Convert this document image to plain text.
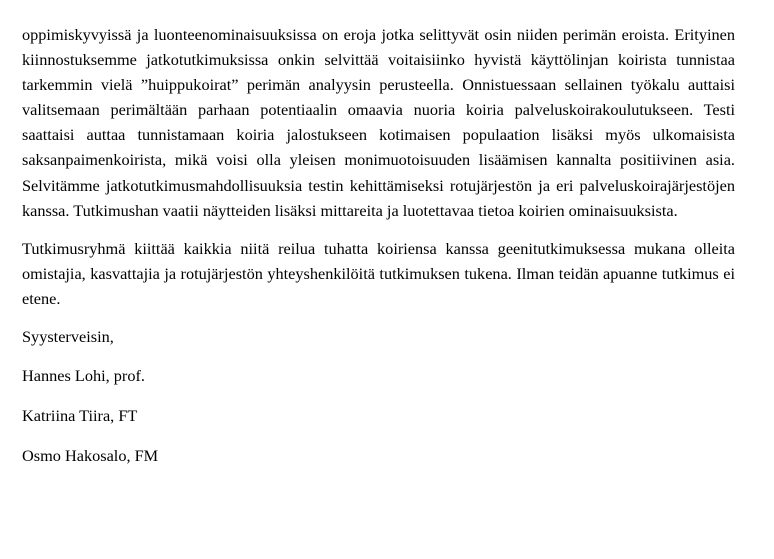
oppimiskyvyissä ja luonteenominaisuuksissa on eroja jotka selittyvät osin niiden perimän eroista. Erityinen kiinnostuksemme jatkotutkimuksissa onkin selvittää voitaisiinko hyvistä käyttölinjan koirista tunnistaa tarkemmin vielä ”huippukoirat” perimän analyysin perusteella. Onnistuessaan sellainen työkalu auttaisi valitsemaan perimältään parhaan potentiaalin omaavia nuoria koiria palveluskoirakoulutukseen. Testi saattaisi auttaa tunnistamaan koiria jalostukseen kotimaisen populaation lisäksi myös ulkomaisista saksanpaimenkoirista, mikä voisi olla yleisen monimuotoisuuden lisäämisen kannalta positiivinen asia. Selvitämme jatkotutkimusmahdollisuuksia testin kehittämiseksi rotujärjestön ja eri palveluskoirajärjestöjen kanssa. Tutkimushan vaatii näytteiden lisäksi mittareita ja luotettavaa tietoa koirien ominaisuuksista.

Tutkimusryhmä kiittää kaikkia niitä reilua tuhatta koiriensa kanssa geenitutkimuksessa mukana olleita omistajia, kasvattajia ja rotujärjestön yhteyshenkilöitä tutkimuksen tukena. Ilman teidän apuanne tutkimus ei etene.

Syysterveisin,

Hannes Lohi, prof.

Katriina Tiira, FT

Osmo Hakosalo, FM
